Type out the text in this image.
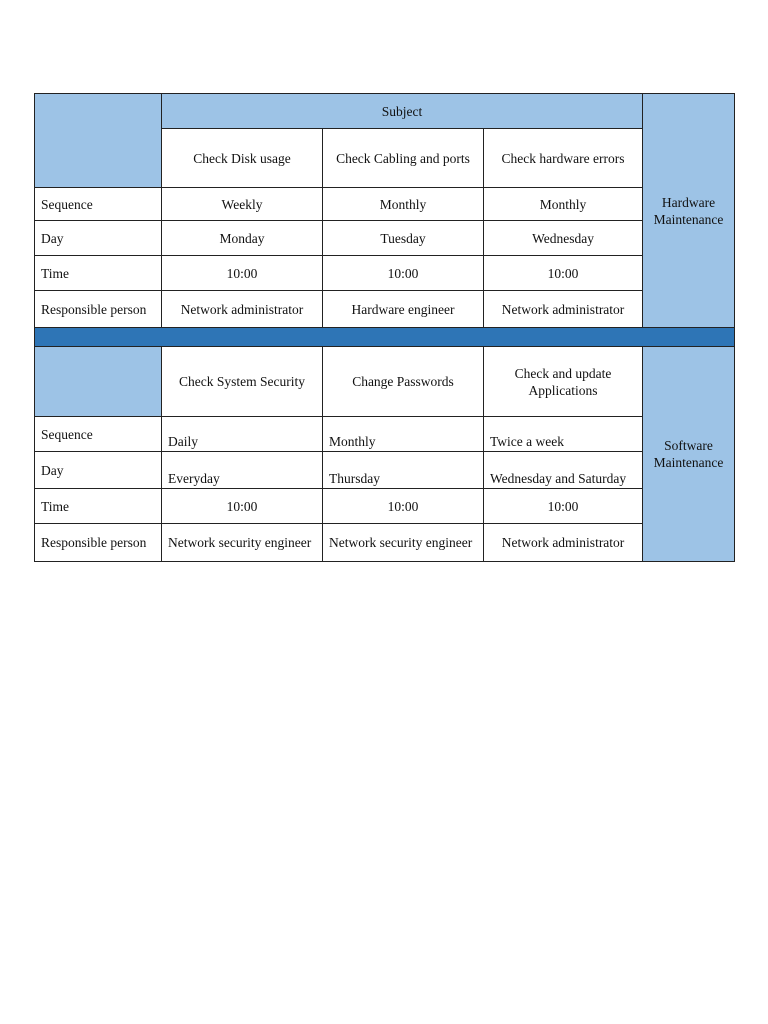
	Subject			Hardware Maintenance
	Check Disk usage	Check Cabling and ports	Check hardware errors	
Sequence	Weekly	Monthly	Monthly	
Day	Monday	Tuesday	Wednesday	
Time	10:00	10:00	10:00	
Responsible person	Network administrator	Hardware engineer	Network administrator	

	Check System Security	Change Passwords	Check and update Applications	Software Maintenance
Sequence	Daily	Monthly	Twice a week	
Day	Everyday	Thursday	Wednesday and Saturday	
Time	10:00	10:00	10:00	
Responsible person	Network security engineer	Network security engineer	Network administrator	
